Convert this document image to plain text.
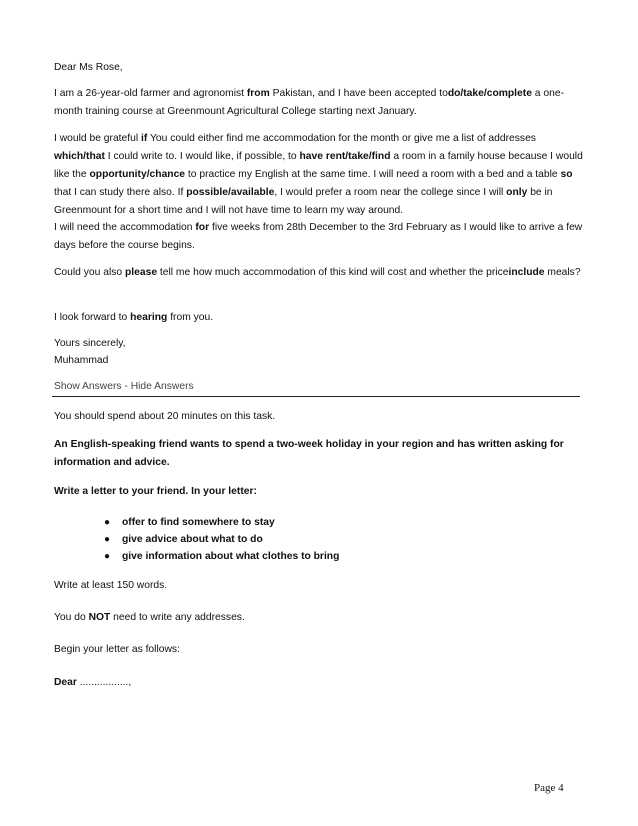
Dear Ms Rose,

I am a 26-year-old farmer and agronomist from Pakistan, and I have been accepted todo/take/complete a one-month training course at Greenmount Agricultural College starting next January.

I would be grateful if You could either find me accommodation for the month or give me a list of addresses which/that I could write to. I would like, if possible, to have rent/take/find a room in a family house because I would like the opportunity/chance to practice my English at the same time. I will need a room with a bed and a table so that I can study there also. If possible/available, I would prefer a room near the college since I will only be in Greenmount for a short time and I will not have time to learn my way around.

I will need the accommodation for five weeks from 28th December to the 3rd February as I would like to arrive a few days before the course begins.

Could you also please tell me how much accommodation of this kind will cost and whether the priceinclude meals?

I look forward to hearing from you.

Yours sincerely,

Muhammad

Show Answers - Hide Answers

You should spend about 20 minutes on this task.

An English-speaking friend wants to spend a two-week holiday in your region and has written asking for information and advice.

Write a letter to your friend. In your letter:

●	offer to find somewhere to stay
●	give advice about what to do
●	give information about what clothes to bring

Write at least 150 words.

You do NOT need to write any addresses.

Begin your letter as follows:

Dear .................,

Page 4
